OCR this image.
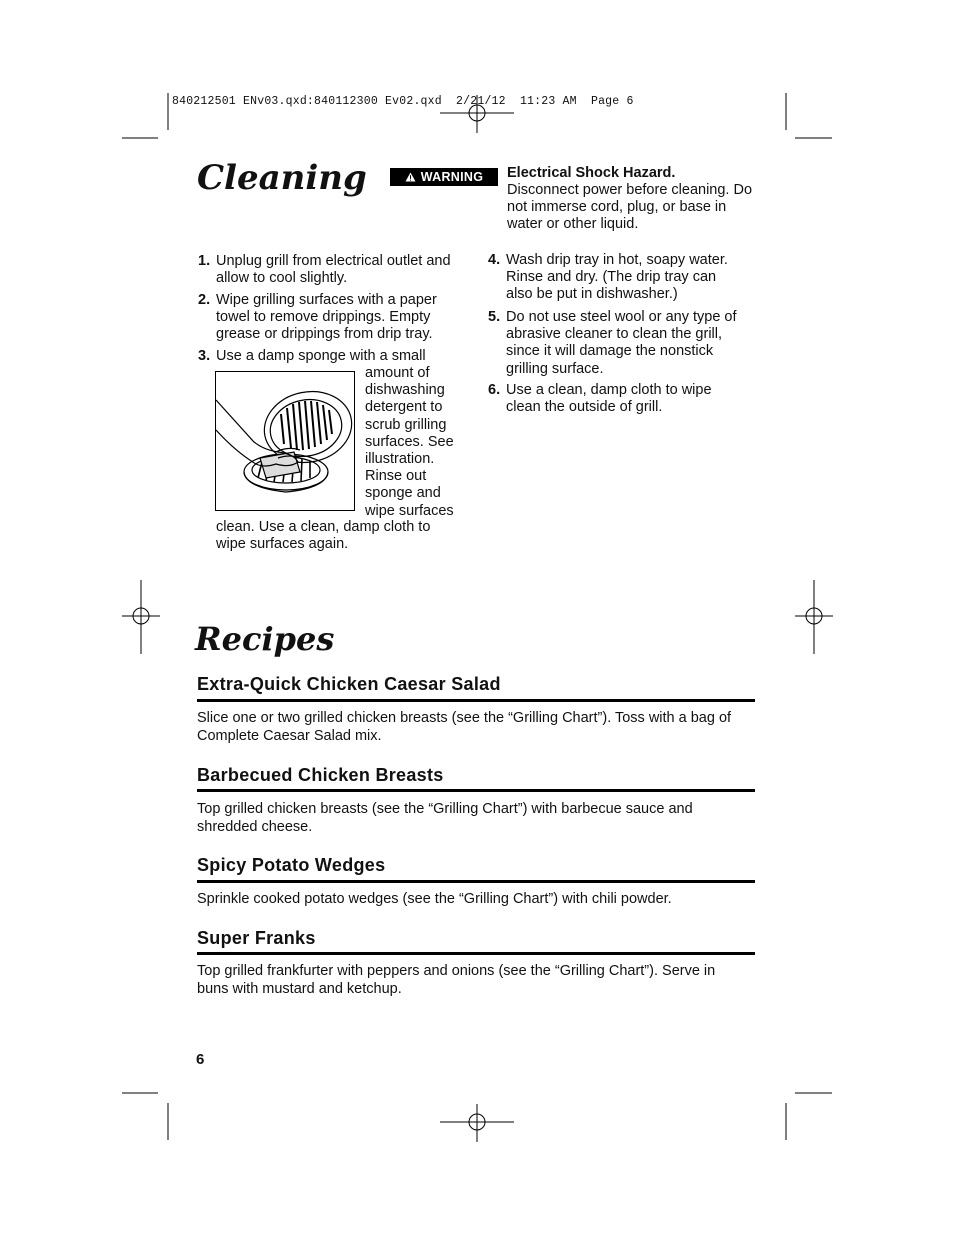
840212501 ENv03.qxd:840112300 Ev02.qxd  2/21/12  11:23 AM  Page 6
Cleaning	WARNING Electrical Shock Hazard.
Disconnect power before cleaning. Do not immerse cord, plug, or base in water or other liquid.
1. Unplug grill from electrical outlet and allow to cool slightly.
2. Wipe grilling surfaces with a paper towel to remove drippings. Empty grease or drippings from drip tray.
3. Use a damp sponge with a small
amount of dishwashing detergent to scrub grilling surfaces. See illustration. Rinse out sponge and wipe surfaces
clean. Use a clean, damp cloth to wipe surfaces again.
4. Wash drip tray in hot, soapy water. Rinse and dry. (The drip tray can also be put in dishwasher.)
5. Do not use steel wool or any type of abrasive cleaner to clean the grill, since it will damage the nonstick grilling surface.
6. Use a clean, damp cloth to wipe clean the outside of grill.
Recipes
Extra-Quick Chicken Caesar Salad
Slice one or two grilled chicken breasts (see the “Grilling Chart”). Toss with a bag of Complete Caesar Salad mix.
Barbecued Chicken Breasts
Top grilled chicken breasts (see the “Grilling Chart”) with barbecue sauce and shredded cheese.
Spicy Potato Wedges
Sprinkle cooked potato wedges (see the “Grilling Chart”) with chili powder.
Super Franks
Top grilled frankfurter with peppers and onions (see the “Grilling Chart”). Serve in buns with mustard and ketchup.
6
